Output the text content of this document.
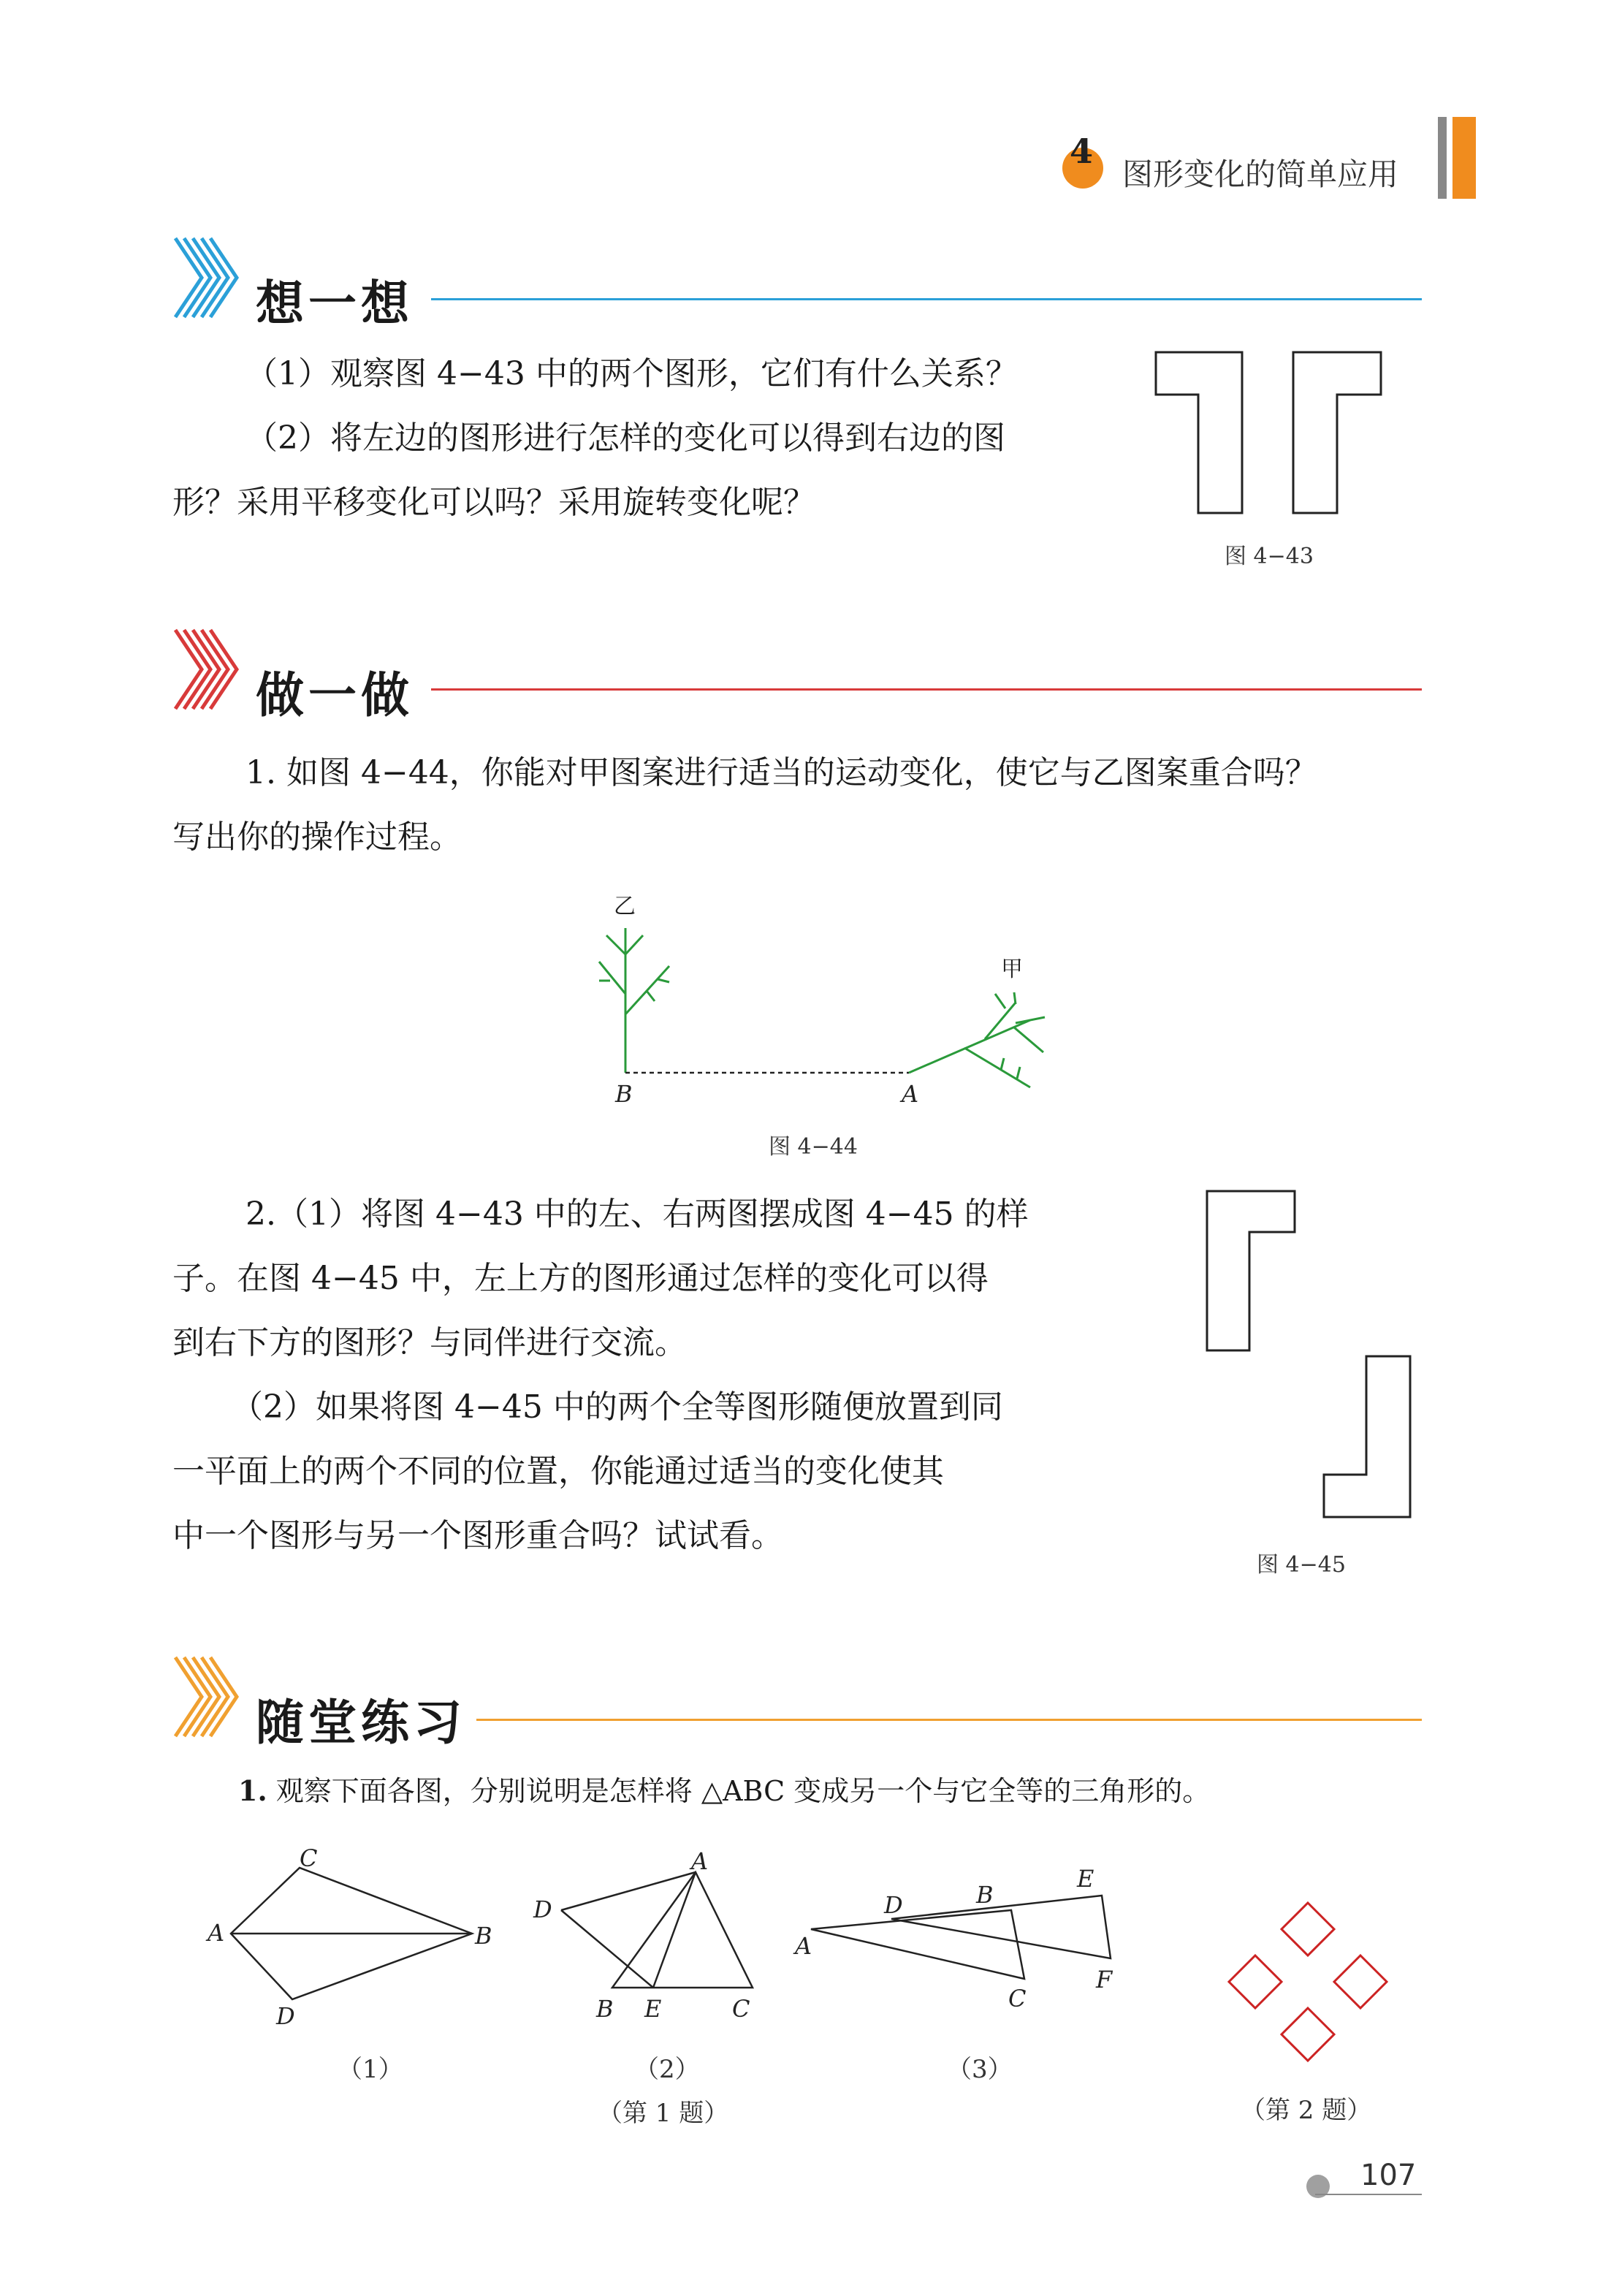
4
图形变化的简单应用
想一想

（1）观察图 4−43 中的两个图形，它们有什么关系？

（2）将左边的图形进行怎样的变化可以得到右边的图

形？采用平移变化可以吗？采用旋转变化呢？

图 4−43
做一做

1. 如图 4−44，你能对甲图案进行适当的运动变化，使它与乙图案重合吗？

写出你的操作过程。

乙
甲
B	A
图 4−44

2.（1）将图 4−43 中的左、右两图摆成图 4−45 的样

子。在图 4−45 中，左上方的图形通过怎样的变化可以得

到右下方的图形？与同伴进行交流。

（2）如果将图 4−45 中的两个全等图形随便放置到同

一平面上的两个不同的位置，你能通过适当的变化使其

中一个图形与另一个图形重合吗？试试看。

图 4−45
随堂练习
1. 观察下面各图，分别说明是怎样将 △ABC 变成另一个与它全等的三角形的。
C
A	B
D
A
D
B E	C
A
D	B
E
C
F
（1）	（2）	（3）
（第 1 题）	（第 2 题）
107
